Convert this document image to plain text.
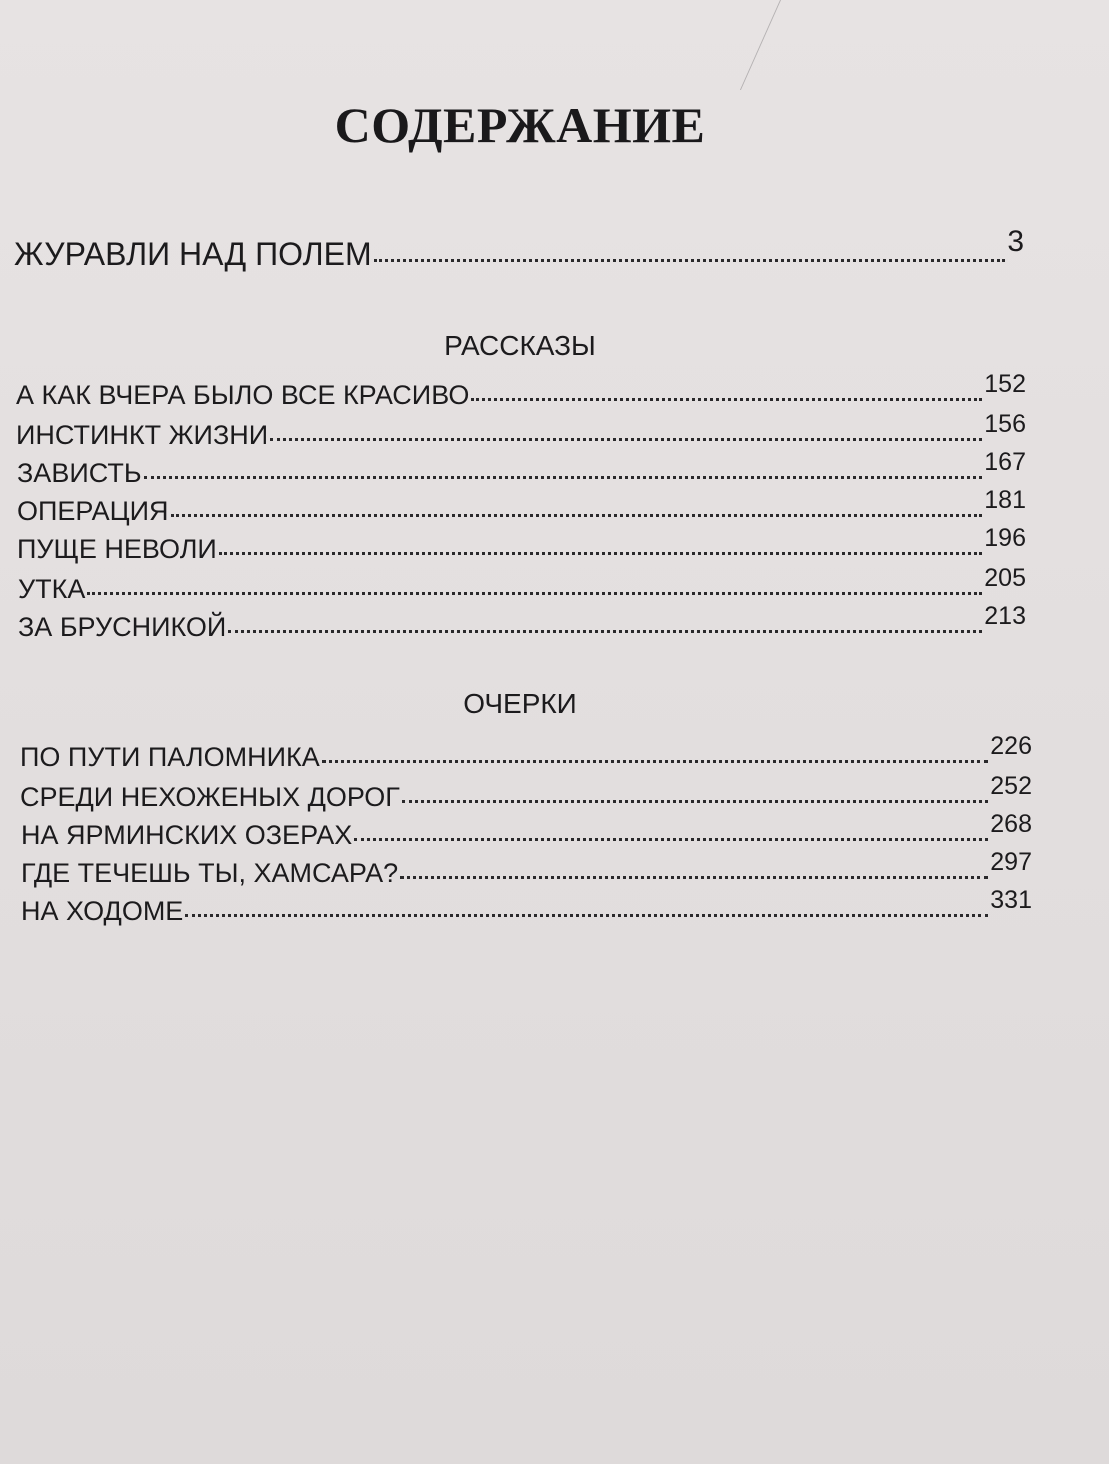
СОДЕРЖАНИЕ
ЖУРАВЛИ НАД ПОЛЕМ	3
РАССКАЗЫ
А КАК ВЧЕРА БЫЛО ВСЕ КРАСИВО	152
ИНСТИНКТ ЖИЗНИ	156
ЗАВИСТЬ	167
ОПЕРАЦИЯ	181
ПУЩЕ НЕВОЛИ	196
УТКА	205
ЗА БРУСНИКОЙ	213
ОЧЕРКИ
ПО ПУТИ ПАЛОМНИКА	226
СРЕДИ НЕХОЖЕНЫХ ДОРОГ	252
НА ЯРМИНСКИХ ОЗЕРАХ	268
ГДЕ ТЕЧЕШЬ ТЫ, ХАМСАРА?	297
НА ХОДОМЕ	331
